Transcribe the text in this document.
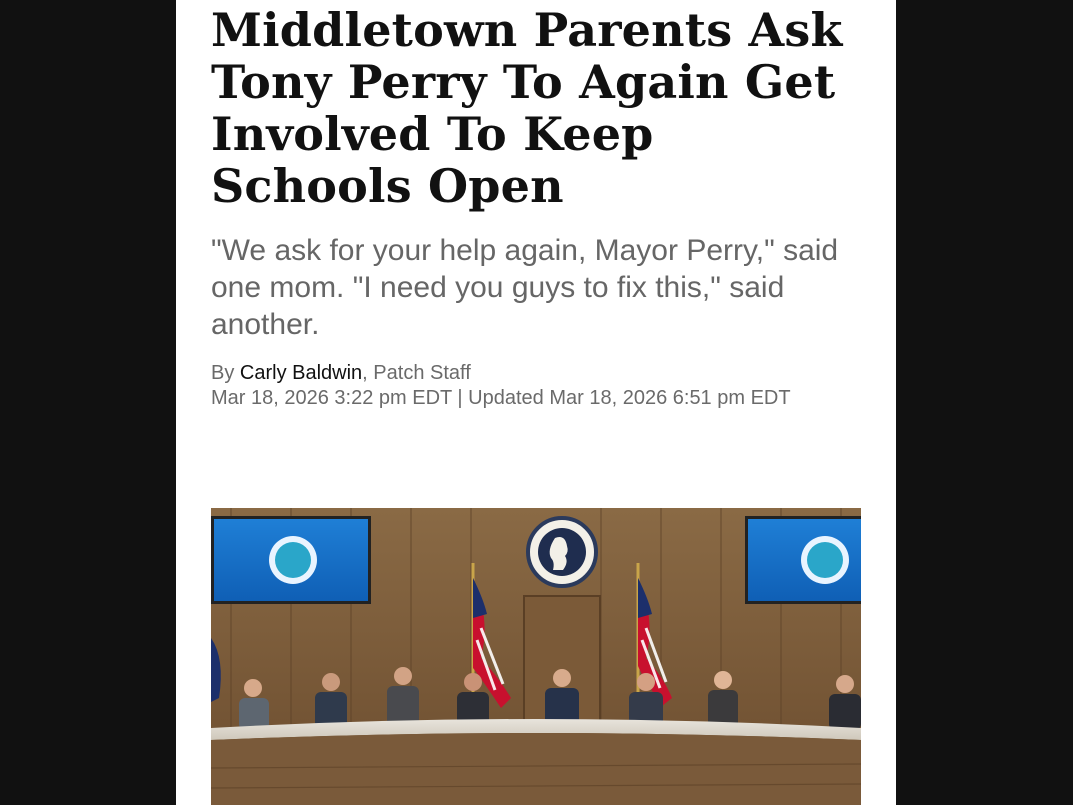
Middletown Parents Ask Tony Perry To Again Get Involved To Keep Schools Open

"We ask for your help again, Mayor Perry," said one mom. "I need you guys to fix this," said another.

By Carly Baldwin, Patch Staff
Mar 18, 2026 3:22 pm EDT | Updated Mar 18, 2026 6:51 pm EDT
